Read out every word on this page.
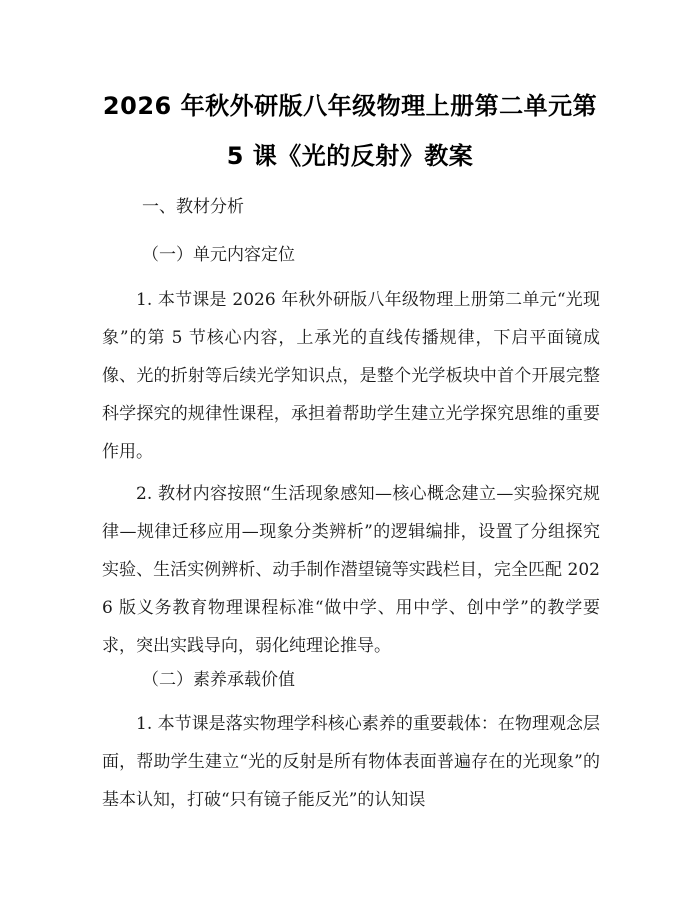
2026 年秋外研版八年级物理上册第二单元第
5 课《光的反射》教案
一、教材分析
（一）单元内容定位
1. 本节课是 2026 年秋外研版八年级物理上册第二单元“光现象”的第 5 节核心内容，上承光的直线传播规律，下启平面镜成像、光的折射等后续光学知识点，是整个光学板块中首个开展完整科学探究的规律性课程，承担着帮助学生建立光学探究思维的重要作用。
2. 教材内容按照“生活现象感知—核心概念建立—实验探究规律—规律迁移应用—现象分类辨析”的逻辑编排，设置了分组探究实验、生活实例辨析、动手制作潜望镜等实践栏目，完全匹配 2026 版义务教育物理课程标准“做中学、用中学、创中学”的教学要求，突出实践导向，弱化纯理论推导。
（二）素养承载价值
1. 本节课是落实物理学科核心素养的重要载体：在物理观念层面，帮助学生建立“光的反射是所有物体表面普遍存在的光现象”的基本认知，打破“只有镜子能反光”的认知误
